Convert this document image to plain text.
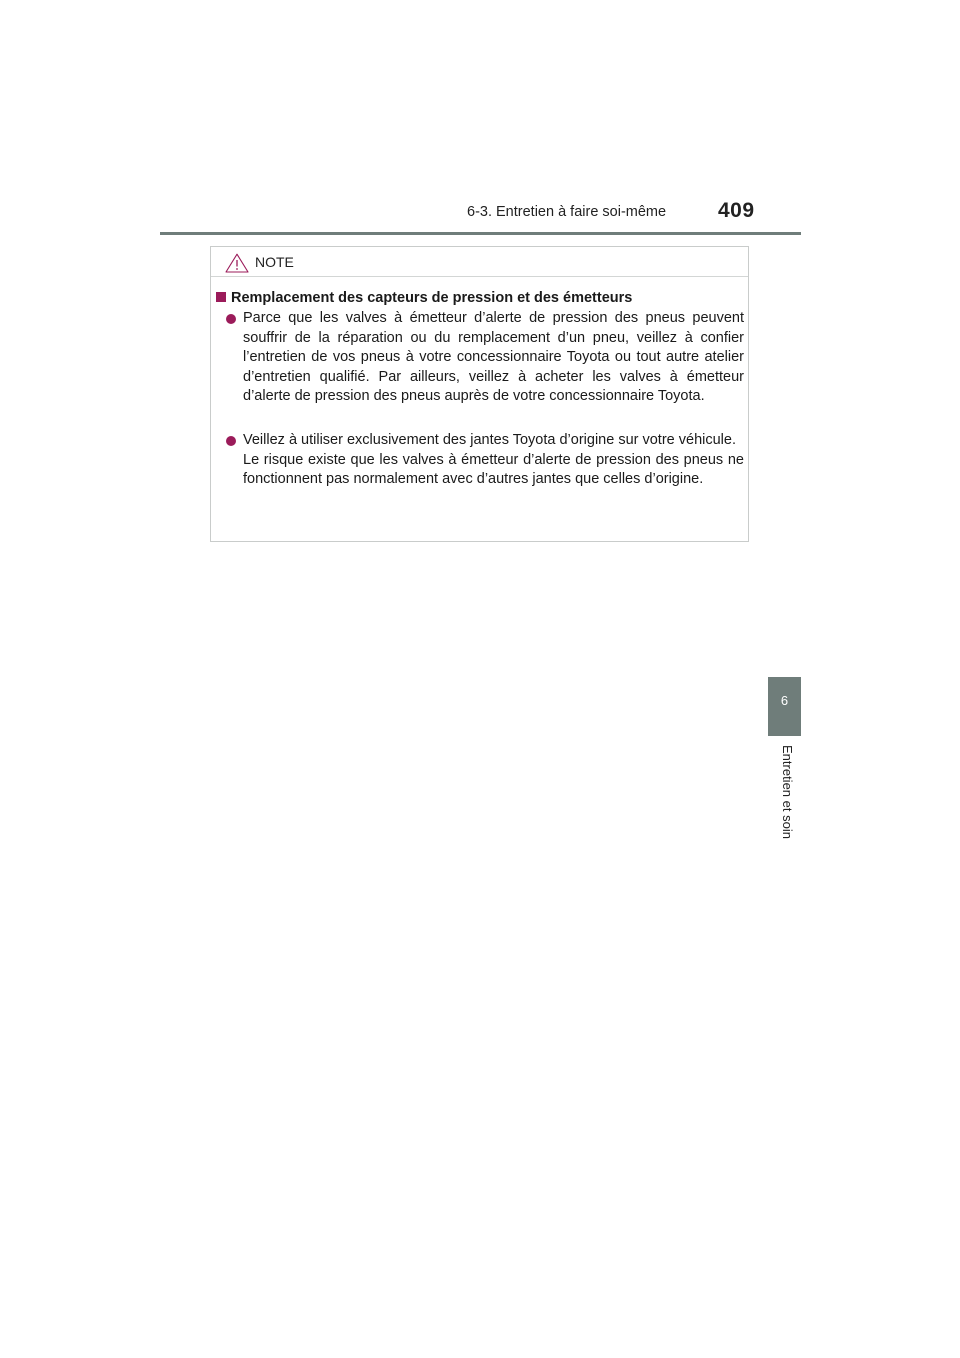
6-3. Entretien à faire soi-même 409
6
Entretien et soin
NOTE
Remplacement des capteurs de pression et des émetteurs
Parce que les valves à émetteur d’alerte de pression des pneus peuvent souffrir de la réparation ou du remplacement d’un pneu, veillez à confier l’entretien de vos pneus à votre concessionnaire Toyota ou tout autre atelier d’entretien qualifié. Par ailleurs, veillez à acheter les valves à émetteur d’alerte de pression des pneus auprès de votre concessionnaire Toyota.
Veillez à utiliser exclusivement des jantes Toyota d’origine sur votre véhicule.
Le risque existe que les valves à émetteur d’alerte de pression des pneus ne fonctionnent pas normalement avec d’autres jantes que celles d’origine.
